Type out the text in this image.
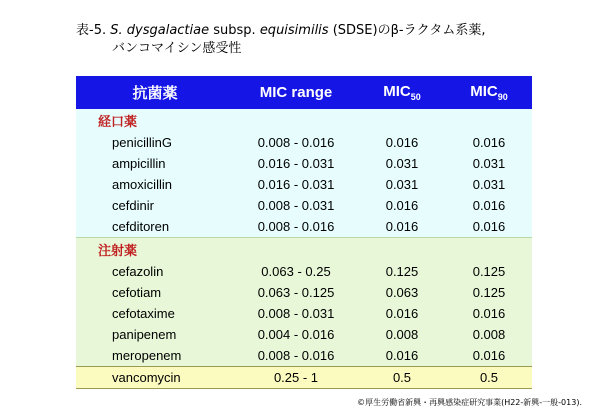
表-5. S. dysgalactiae subsp. equisimilis (SDSE)のβ-ラクタム系薬,
バンコマイシン感受性
抗菌薬	MIC range	$MIC_{50}$	$MIC_{90}$
経口薬			
penicillinG	0.008 - 0.016	0.016	0.016
ampicillin	0.016 - 0.031	0.031	0.031
amoxicillin	0.016 - 0.031	0.031	0.031
cefdinir	0.008 - 0.031	0.016	0.016
cefditoren	0.008 - 0.016	0.016	0.016
注射薬			
cefazolin	0.063 - 0.25	0.125	0.125
cefotiam	0.063 - 0.125	0.063	0.125
cefotaxime	0.008 - 0.031	0.016	0.016
panipenem	0.004 - 0.016	0.008	0.008
meropenem	0.008 - 0.016	0.016	0.016
vancomycin	0.25 - 1	0.5	0.5
©厚生労働省新興・再興感染症研究事業(H22-新興-一般-013).
